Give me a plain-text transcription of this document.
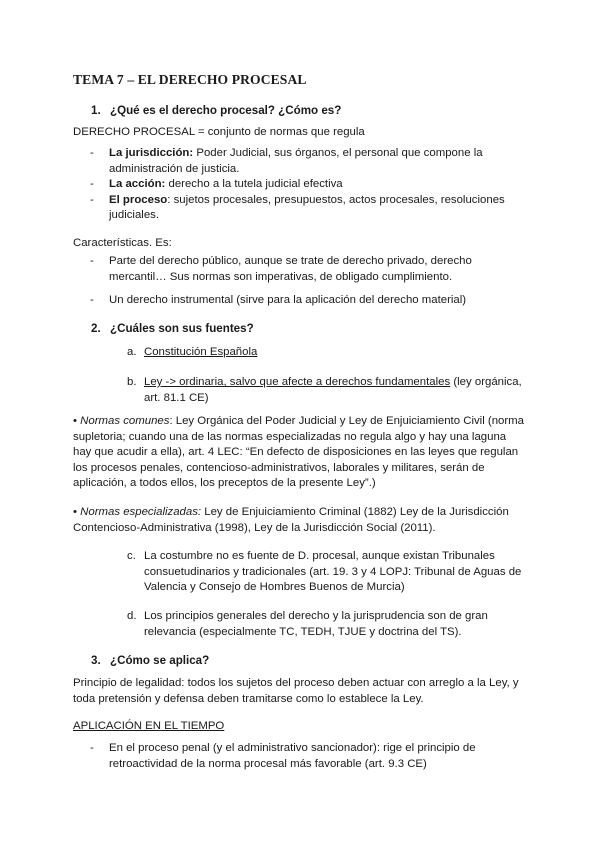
TEMA 7 – EL DERECHO PROCESAL
1. ¿Qué es el derecho procesal? ¿Cómo es?
DERECHO PROCESAL = conjunto de normas que regula
- La jurisdicción: Poder Judicial, sus órganos, el personal que compone la administración de justicia.
- La acción: derecho a la tutela judicial efectiva
- El proceso: sujetos procesales, presupuestos, actos procesales, resoluciones judiciales.
Características. Es:
- Parte del derecho público, aunque se trate de derecho privado, derecho mercantil… Sus normas son imperativas, de obligado cumplimiento.
- Un derecho instrumental (sirve para la aplicación del derecho material)
2. ¿Cuáles son sus fuentes?
a. Constitución Española
b. Ley -> ordinaria, salvo que afecte a derechos fundamentales (ley orgánica, art. 81.1 CE)
• Normas comunes: Ley Orgánica del Poder Judicial y Ley de Enjuiciamiento Civil (norma supletoria; cuando una de las normas especializadas no regula algo y hay una laguna hay que acudir a ella), art. 4 LEC: “En defecto de disposiciones en las leyes que regulan los procesos penales, contencioso-administrativos, laborales y militares, serán de aplicación, a todos ellos, los preceptos de la presente Ley”.)
• Normas especializadas: Ley de Enjuiciamiento Criminal (1882) Ley de la Jurisdicción Contencioso-Administrativa (1998), Ley de la Jurisdicción Social (2011).
c. La costumbre no es fuente de D. procesal, aunque existan Tribunales consuetudinarios y tradicionales (art. 19. 3 y 4 LOPJ: Tribunal de Aguas de Valencia y Consejo de Hombres Buenos de Murcia)
d. Los principios generales del derecho y la jurisprudencia son de gran relevancia (especialmente TC, TEDH, TJUE y doctrina del TS).
3. ¿Cómo se aplica?
Principio de legalidad: todos los sujetos del proceso deben actuar con arreglo a la Ley, y toda pretensión y defensa deben tramitarse como lo establece la Ley.
APLICACIÓN EN EL TIEMPO
- En el proceso penal (y el administrativo sancionador): rige el principio de retroactividad de la norma procesal más favorable (art. 9.3 CE)
